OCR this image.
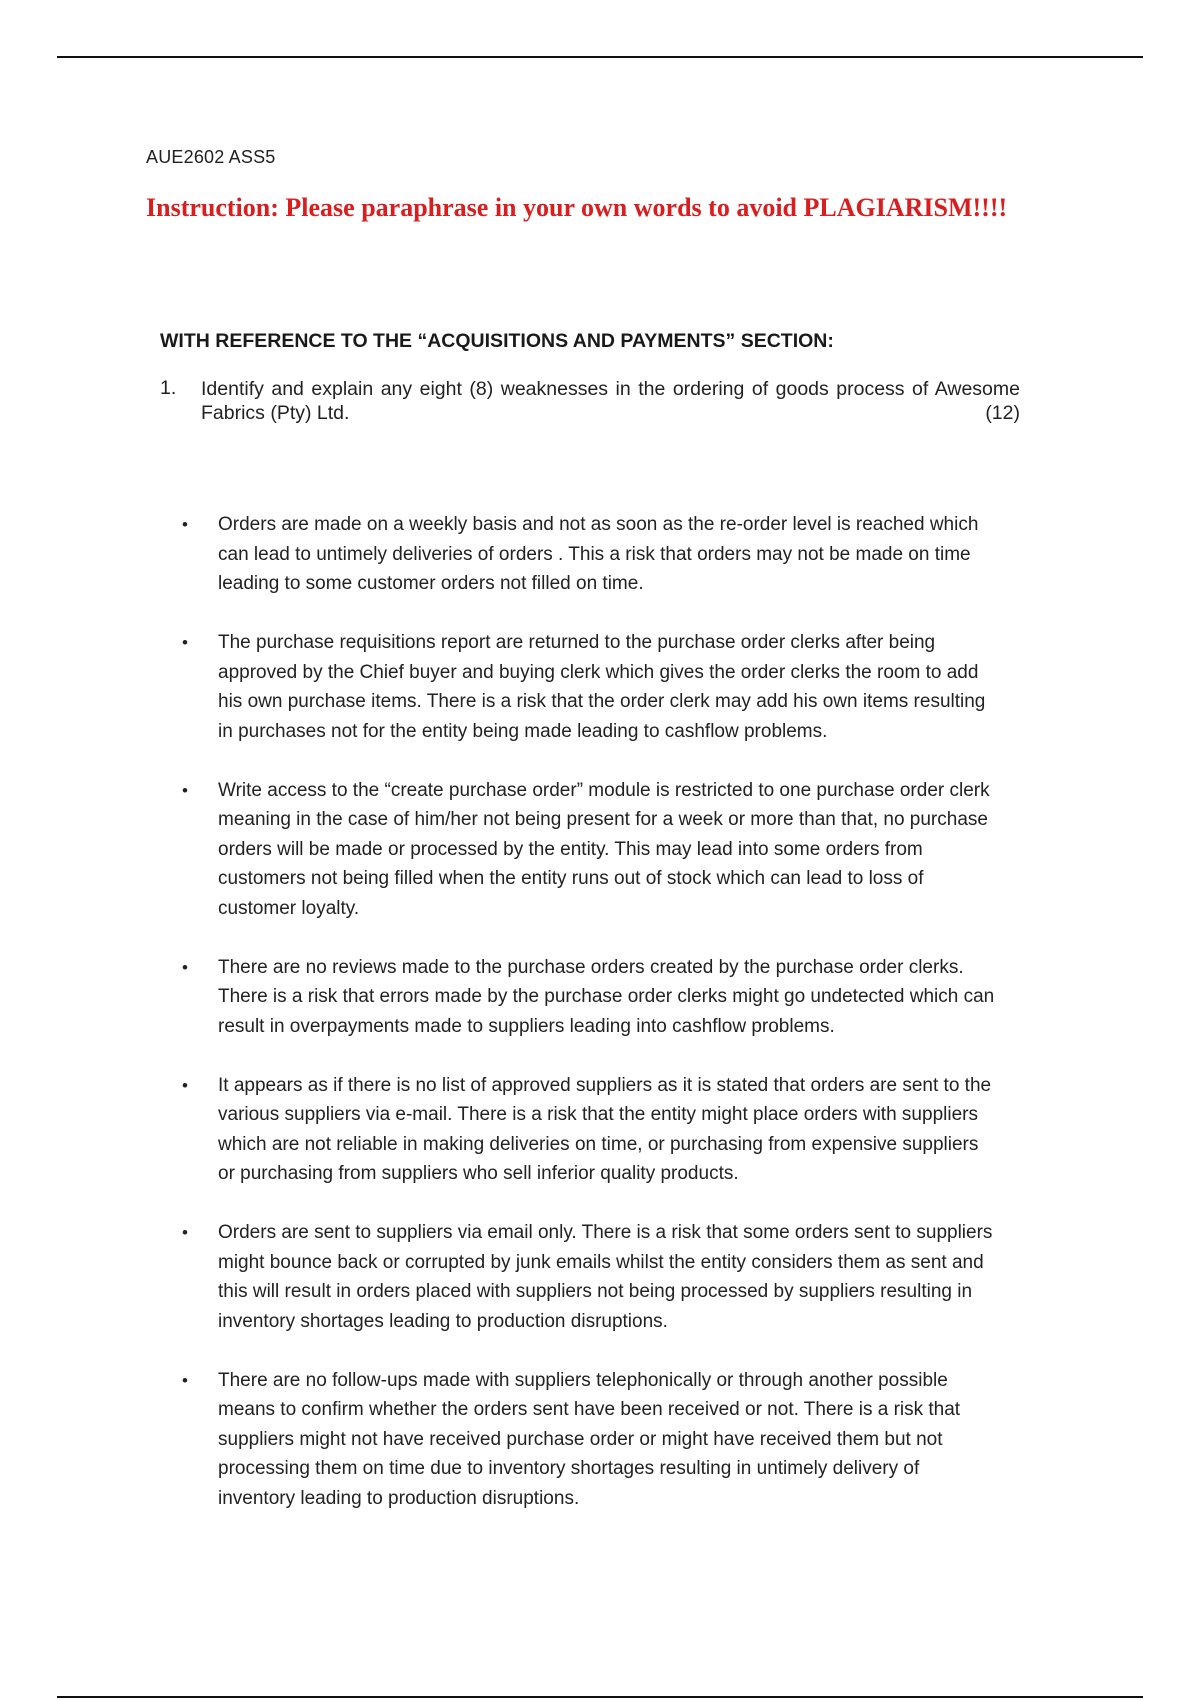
AUE2602 ASS5
Instruction: Please paraphrase in your own words to avoid PLAGIARISM!!!!
WITH REFERENCE TO THE “ACQUISITIONS AND PAYMENTS” SECTION:
1. Identify and explain any eight (8) weaknesses in the ordering of goods process of Awesome Fabrics (Pty) Ltd.	(12)
• Orders are made on a weekly basis and not as soon as the re-order level is reached which
can lead to untimely deliveries of orders . This a risk that orders may not be made on time
leading to some customer orders not filled on time.
• The purchase requisitions report are returned to the purchase order clerks after being
approved by the Chief buyer and buying clerk which gives the order clerks the room to add
his own purchase items. There is a risk that the order clerk may add his own items resulting
in purchases not for the entity being made leading to cashflow problems.
• Write access to the “create purchase order” module is restricted to one purchase order clerk
meaning in the case of him/her not being present for a week or more than that, no purchase
orders will be made or processed by the entity. This may lead into some orders from
customers not being filled when the entity runs out of stock which can lead to loss of
customer loyalty.
• There are no reviews made to the purchase orders created by the purchase order clerks.
There is a risk that errors made by the purchase order clerks might go undetected which can
result in overpayments made to suppliers leading into cashflow problems.
• It appears as if there is no list of approved suppliers as it is stated that orders are sent to the
various suppliers via e-mail. There is a risk that the entity might place orders with suppliers
which are not reliable in making deliveries on time, or purchasing from expensive suppliers
or purchasing from suppliers who sell inferior quality products.
• Orders are sent to suppliers via email only. There is a risk that some orders sent to suppliers
might bounce back or corrupted by junk emails whilst the entity considers them as sent and
this will result in orders placed with suppliers not being processed by suppliers resulting in
inventory shortages leading to production disruptions.
• There are no follow-ups made with suppliers telephonically or through another possible
means to confirm whether the orders sent have been received or not. There is a risk that
suppliers might not have received purchase order or might have received them but not
processing them on time due to inventory shortages resulting in untimely delivery of
inventory leading to production disruptions.
